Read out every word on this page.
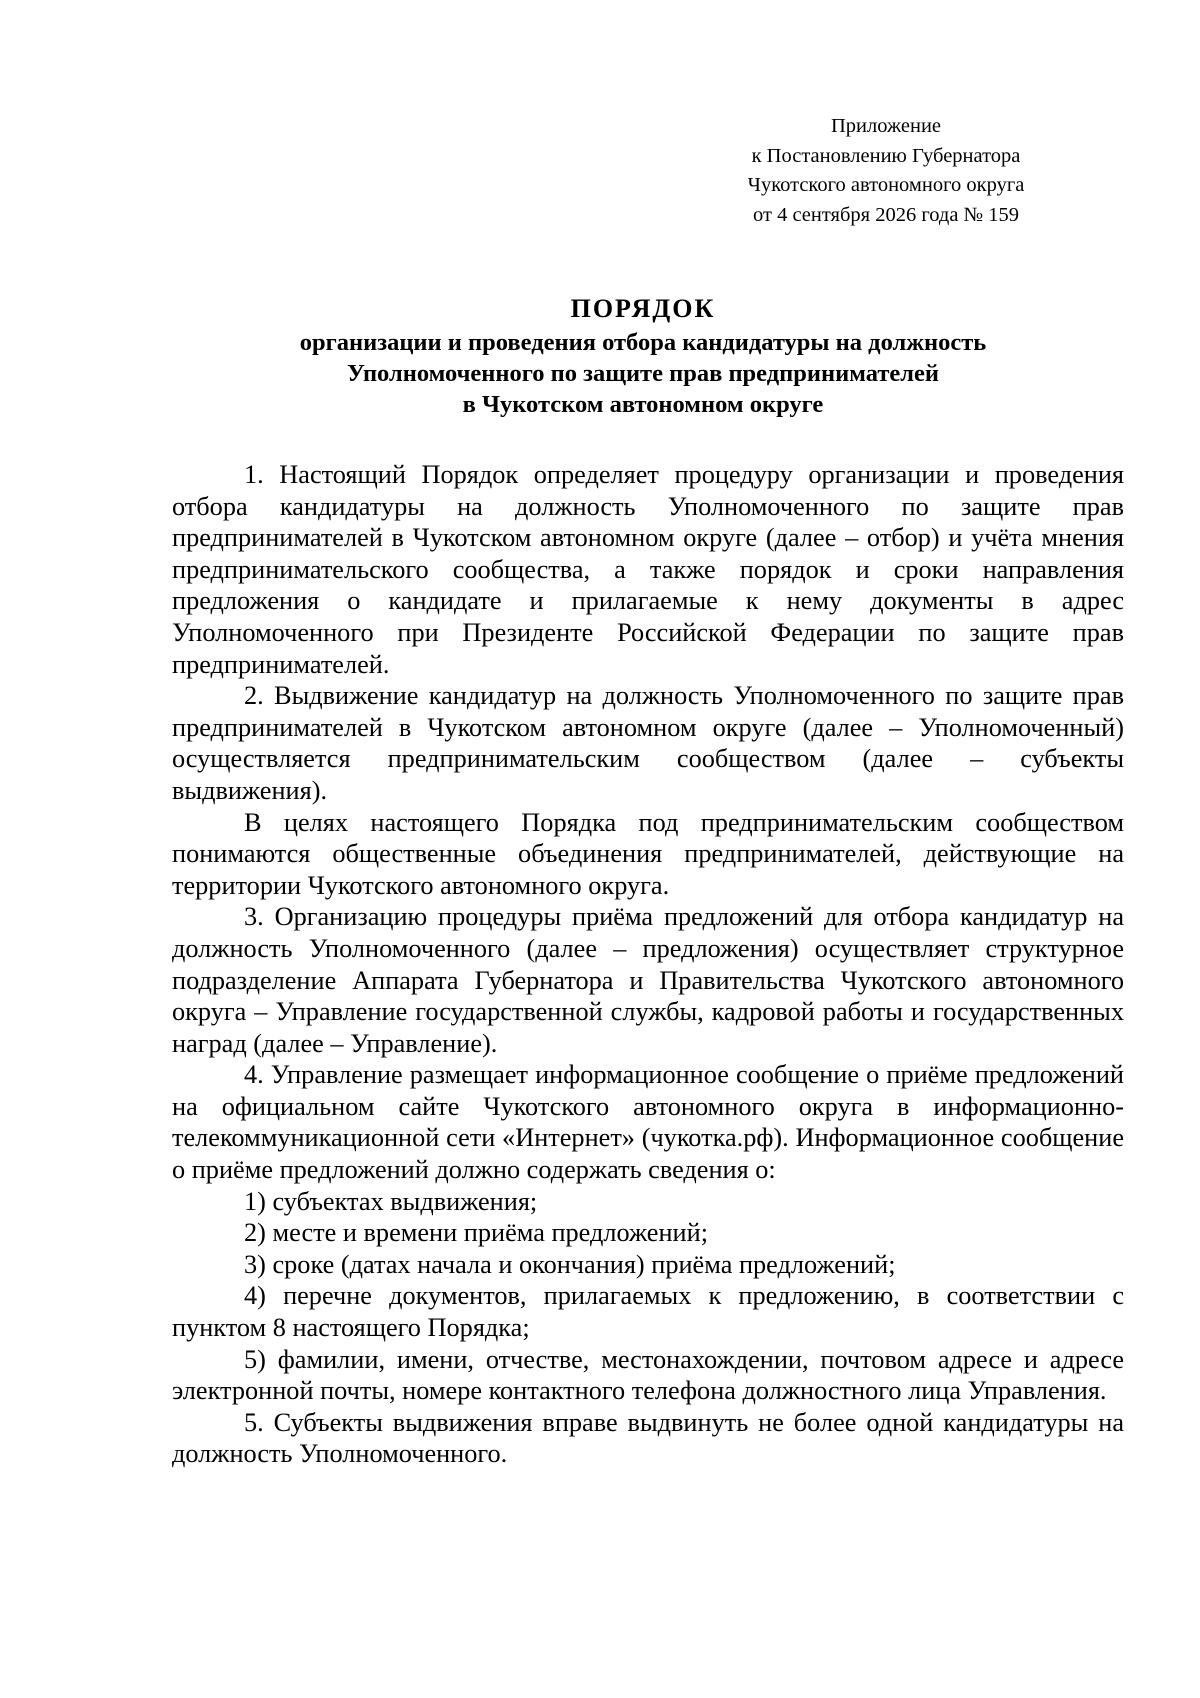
Приложение
к Постановлению Губернатора
Чукотского автономного округа
от 4 сентября 2026 года № 159
ПОРЯДОК
организации и проведения отбора кандидатуры на должность
Уполномоченного по защите прав предпринимателей
в Чукотском автономном округе

1. Настоящий Порядок определяет процедуру организации и проведения отбора кандидатуры на должность Уполномоченного по защите прав предпринимателей в Чукотском автономном округе (далее – отбор) и учёта мнения предпринимательского сообщества, а также порядок и сроки направления предложения о кандидате и прилагаемые к нему документы в адрес Уполномоченного при Президенте Российской Федерации по защите прав предпринимателей.

2. Выдвижение кандидатур на должность Уполномоченного по защите прав предпринимателей в Чукотском автономном округе (далее – Уполномоченный) осуществляется предпринимательским сообществом (далее – субъекты выдвижения).

В целях настоящего Порядка под предпринимательским сообществом понимаются общественные объединения предпринимателей, действующие на территории Чукотского автономного округа.

3. Организацию процедуры приёма предложений для отбора кандидатур на должность Уполномоченного (далее – предложения) осуществляет структурное подразделение Аппарата Губернатора и Правительства Чукотского автономного округа – Управление государственной службы, кадровой работы и государственных наград (далее – Управление).

4. Управление размещает информационное сообщение о приёме предложений на официальном сайте Чукотского автономного округа в информационно-телекоммуникационной сети «Интернет» (чукотка.рф). Информационное сообщение о приёме предложений должно содержать сведения о:

1) субъектах выдвижения;

2) месте и времени приёма предложений;

3) сроке (датах начала и окончания) приёма предложений;

4) перечне документов, прилагаемых к предложению, в соответствии с пунктом 8 настоящего Порядка;

5) фамилии, имени, отчестве, местонахождении, почтовом адресе и адресе электронной почты, номере контактного телефона должностного лица Управления.

5. Субъекты выдвижения вправе выдвинуть не более одной кандидатуры на должность Уполномоченного.
